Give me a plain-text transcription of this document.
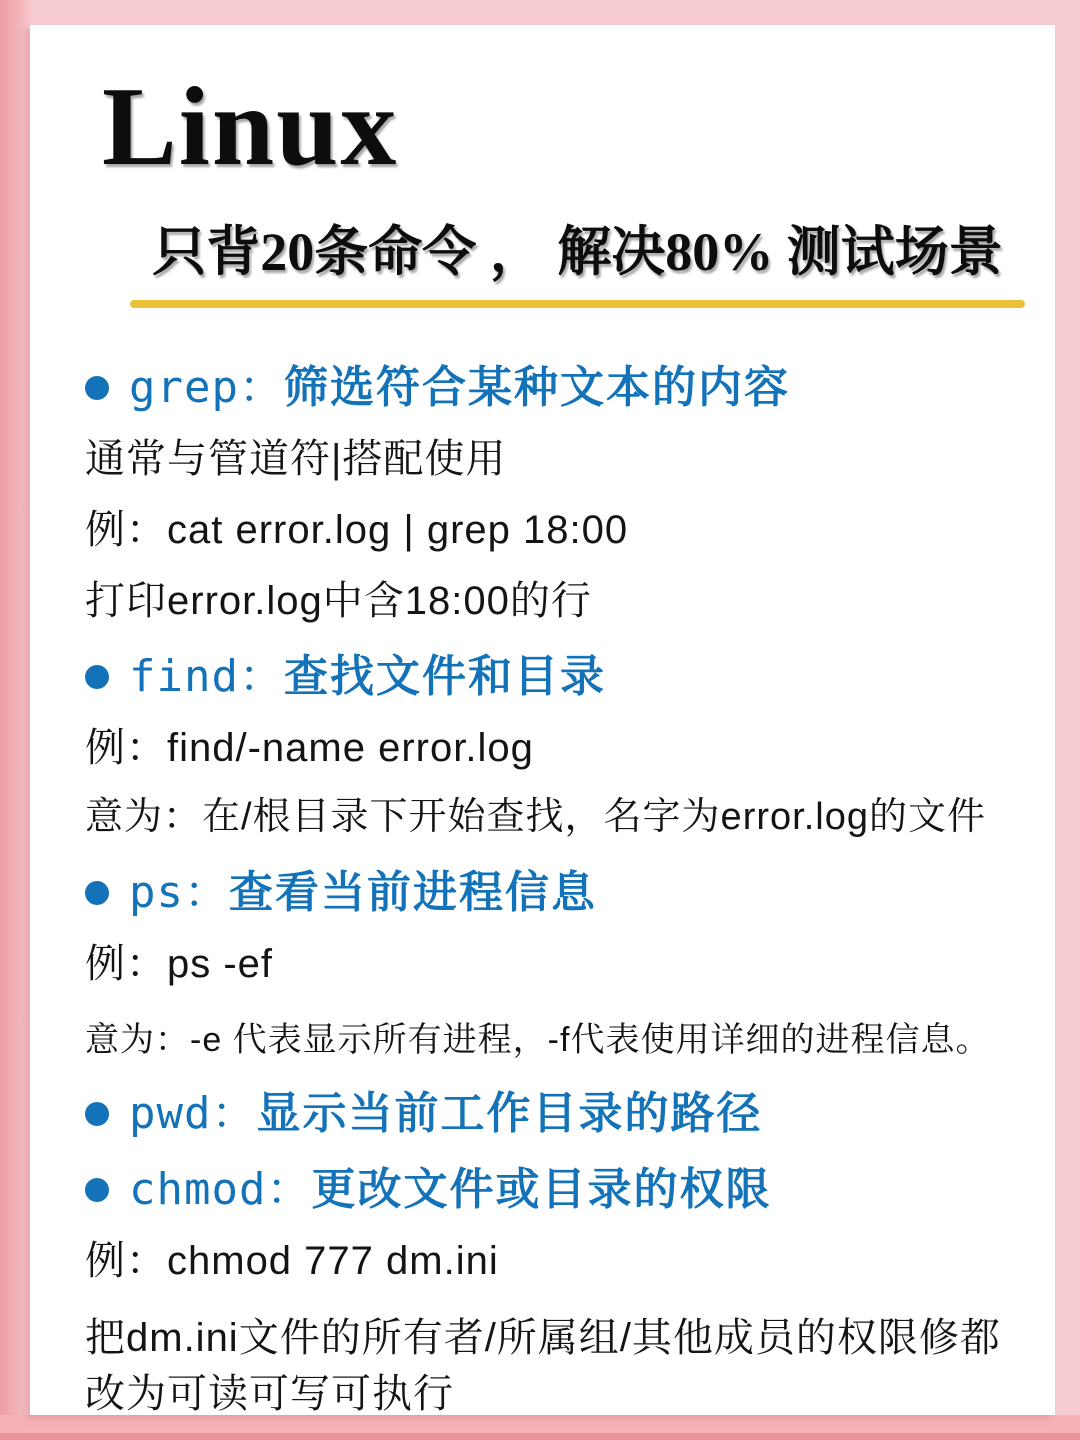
Linux
只背20条命令 ， 解决80% 测试场景
grep： 筛选符合某种文本的内容
通常与管道符|搭配使用
例：cat error.log | grep 18:00
打印error.log中含18:00的行
find： 查找文件和目录
例：find/-name error.log
意为：在/根目录下开始查找，名字为error.log的文件
ps： 查看当前进程信息
例：ps -ef
意为：-e 代表显示所有进程，-f代表使用详细的进程信息。
pwd： 显示当前工作目录的路径
chmod： 更改文件或目录的权限
例：chmod 777 dm.ini
把dm.ini文件的所有者/所属组/其他成员的权限修都改为可读可写可执行
